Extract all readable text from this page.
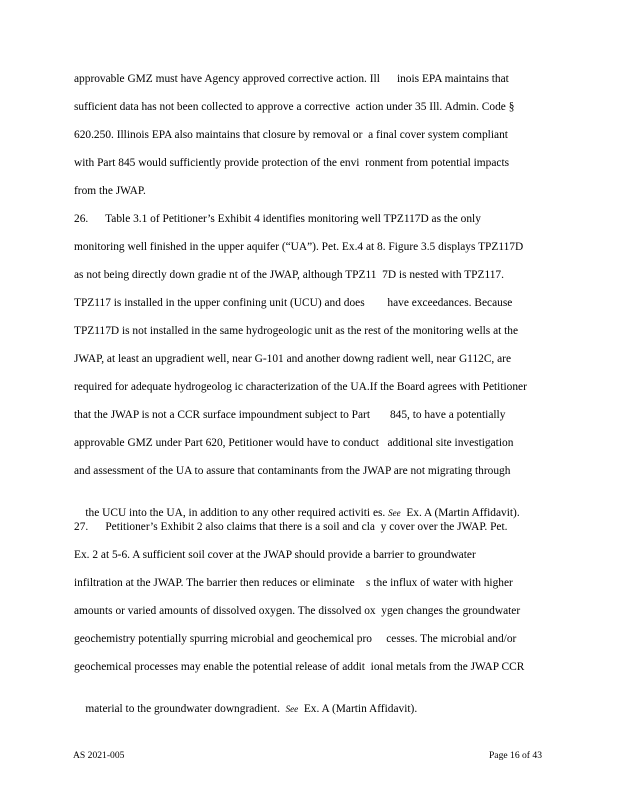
approvable GMZ must have Agency approved corrective action. Ill      inois EPA maintains that
sufficient data has not been collected to approve a corrective  action under 35 Ill. Admin. Code §
620.250. Illinois EPA also maintains that closure by removal or  a final cover system compliant
with Part 845 would sufficiently provide protection of the envi  ronment from potential impacts
from the JWAP.
26.      Table 3.1 of Petitioner’s Exhibit 4 identifies monitoring well TPZ117D as the only
monitoring well finished in the upper aquifer (“UA”). Pet. Ex.4 at 8. Figure 3.5 displays TPZ117D
as not being directly down gradie nt of the JWAP, although TPZ11  7D is nested with TPZ117.
TPZ117 is installed in the upper confining unit (UCU) and does        have exceedances. Because
TPZ117D is not installed in the same hydrogeologic unit as the rest of the monitoring wells at the
JWAP, at least an upgradient well, near G-101 and another downg radient well, near G112C, are
required for adequate hydrogeolog ic characterization of the UA.If the Board agrees with Petitioner
that the JWAP is not a CCR surface impoundment subject to Part       845, to have a potentially
approvable GMZ under Part 620, Petitioner would have to conduct   additional site investigation
and assessment of the UA to assure that contaminants from the JWAP are not migrating through

the UCU into the UA, in addition to any other required activiti es. See  Ex. A (Martin Affidavit).

27.      Petitioner’s Exhibit 2 also claims that there is a soil and cla  y cover over the JWAP. Pet.
Ex. 2 at 5-6. A sufficient soil cover at the JWAP should provide a barrier to groundwater
infiltration at the JWAP. The barrier then reduces or eliminate    s the influx of water with higher
amounts or varied amounts of dissolved oxygen. The dissolved ox  ygen changes the groundwater
geochemistry potentially spurring microbial and geochemical pro     cesses. The microbial and/or
geochemical processes may enable the potential release of addit  ional metals from the JWAP CCR

material to the groundwater downgradient.  See  Ex. A (Martin Affidavit).

AS 2021-005	Page 16 of 43
